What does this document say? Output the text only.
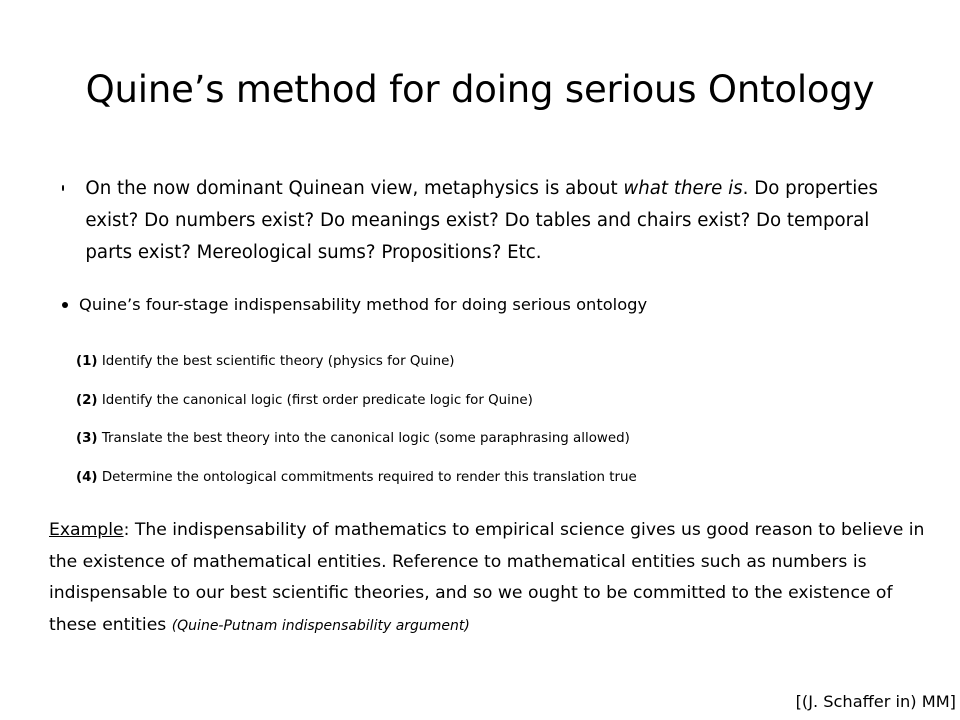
Quine’s method for doing serious Ontology
On the now dominant Quinean view, metaphysics is about what there is. Do properties exist? Do numbers exist? Do meanings exist? Do tables and chairs exist? Do temporal parts exist? Mereological sums? Propositions? Etc.
Quine’s four-stage indispensability method for doing serious ontology
(1) Identify the best scientific theory (physics for Quine)
(2) Identify the canonical logic (first order predicate logic for Quine)
(3) Translate the best theory into the canonical logic (some paraphrasing allowed)
(4) Determine the ontological commitments required to render this translation true
Example: The indispensability of mathematics to empirical science gives us good reason to believe in the existence of mathematical entities. Reference to mathematical entities such as numbers is indispensable to our best scientific theories, and so we ought to be committed to the existence of these entities (Quine-Putnam indispensability argument)
[(J. Schaffer in) MM]
